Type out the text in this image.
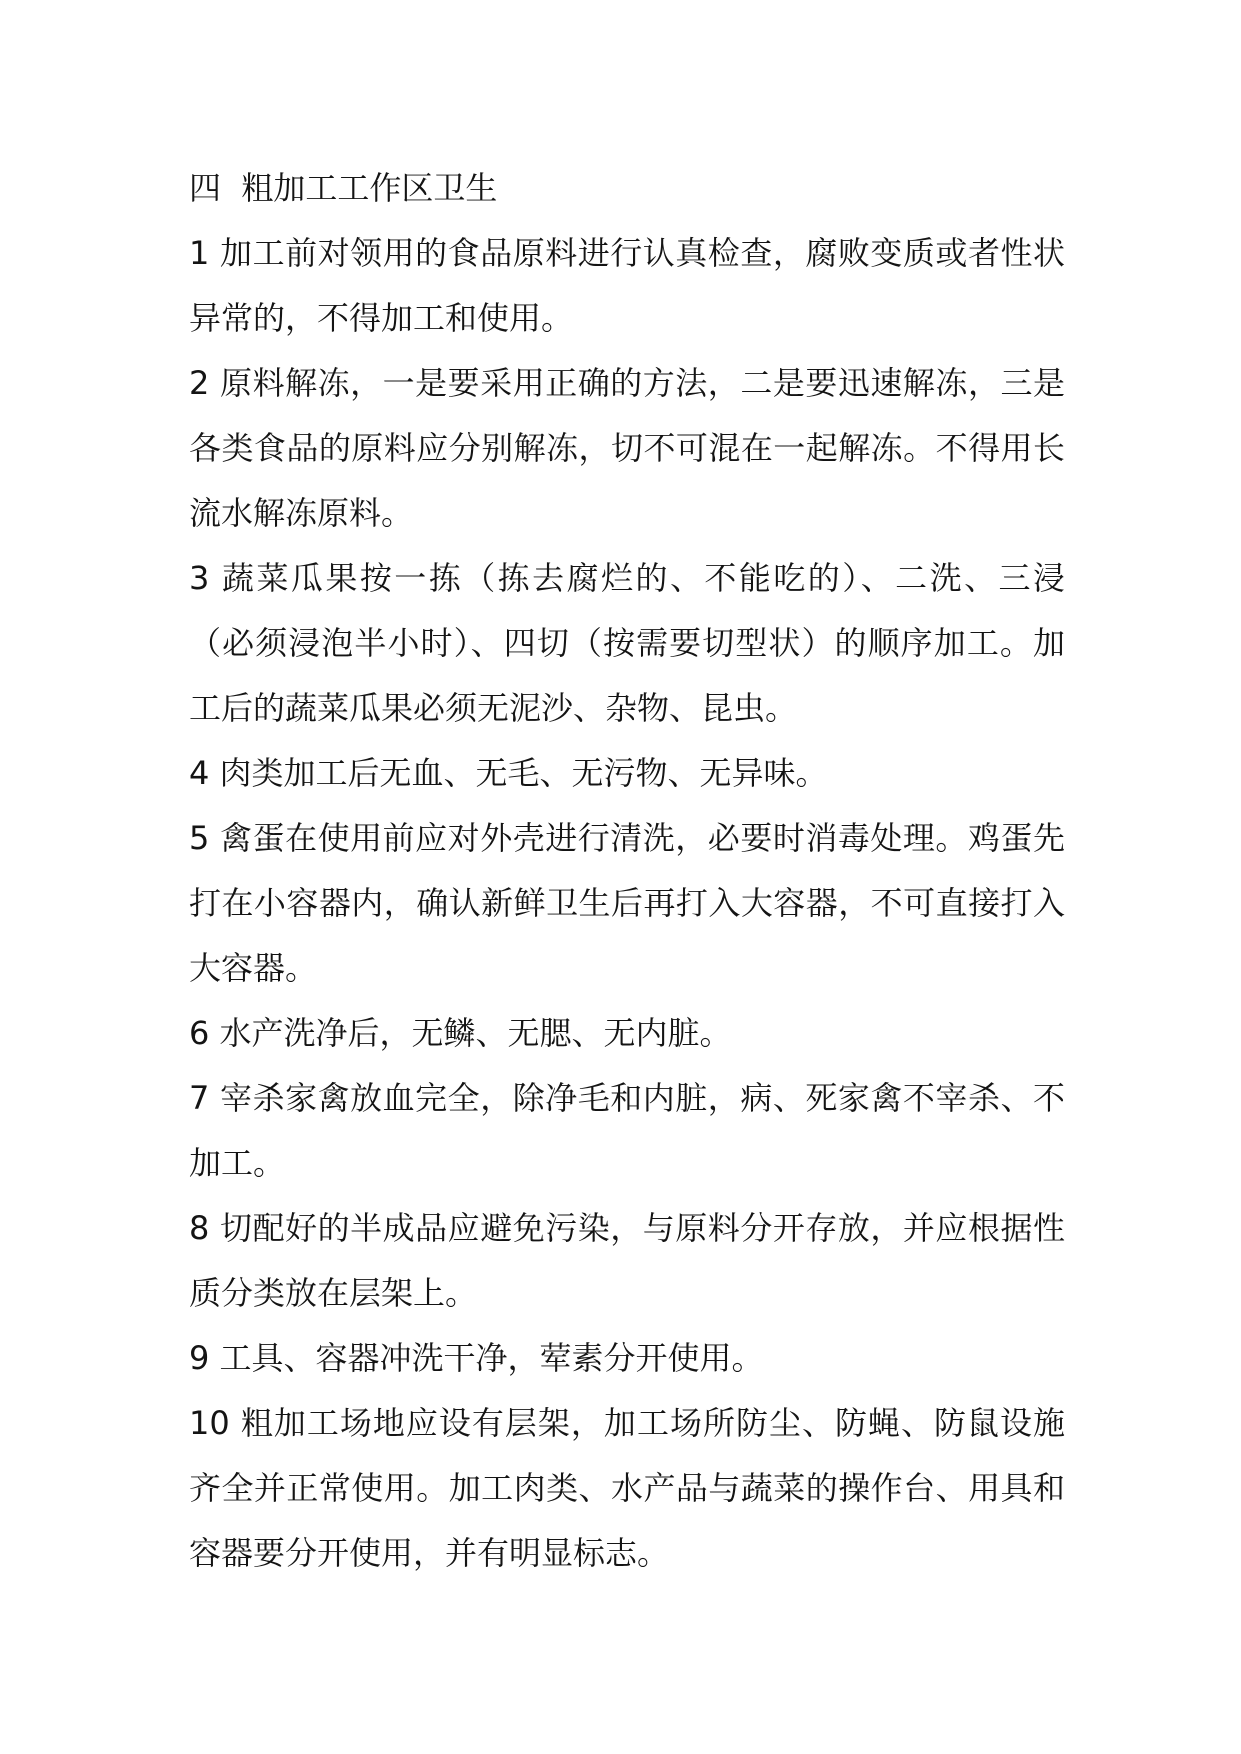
四  粗加工工作区卫生

1 加工前对领用的食品原料进行认真检查，腐败变质或者性状异常的，不得加工和使用。

2 原料解冻，一是要采用正确的方法，二是要迅速解冻，三是各类食品的原料应分别解冻，切不可混在一起解冻。不得用长流水解冻原料。

3 蔬菜瓜果按一拣（拣去腐烂的、不能吃的）、二洗、三浸（必须浸泡半小时）、四切（按需要切型状）的顺序加工。加工后的蔬菜瓜果必须无泥沙、杂物、昆虫。

4 肉类加工后无血、无毛、无污物、无异味。

5 禽蛋在使用前应对外壳进行清洗，必要时消毒处理。鸡蛋先打在小容器内，确认新鲜卫生后再打入大容器，不可直接打入大容器。

6 水产洗净后，无鳞、无腮、无内脏。

7 宰杀家禽放血完全，除净毛和内脏，病、死家禽不宰杀、不加工。

8 切配好的半成品应避免污染，与原料分开存放，并应根据性质分类放在层架上。

9 工具、容器冲洗干净，荤素分开使用。

10 粗加工场地应设有层架，加工场所防尘、防蝇、防鼠设施齐全并正常使用。加工肉类、水产品与蔬菜的操作台、用具和容器要分开使用，并有明显标志。
